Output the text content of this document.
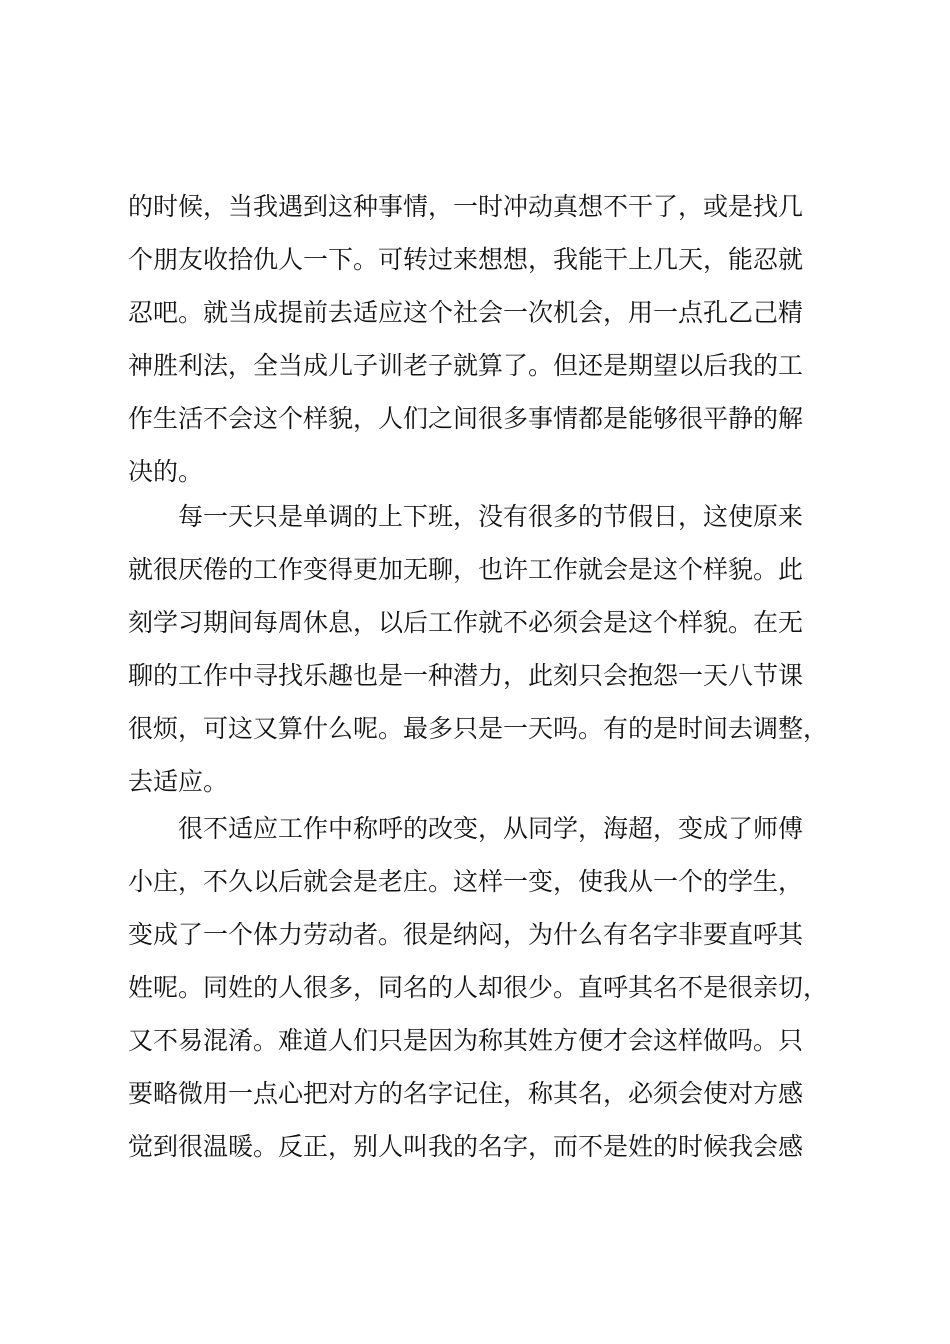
的时候，当我遇到这种事情，一时冲动真想不干了，或是找几
个朋友收拾仇人一下。可转过来想想，我能干上几天，能忍就
忍吧。就当成提前去适应这个社会一次机会，用一点孔乙己精
神胜利法，全当成儿子训老子就算了。但还是期望以后我的工
作生活不会这个样貌，人们之间很多事情都是能够很平静的解
决的。
　　每一天只是单调的上下班，没有很多的节假日，这使原来
就很厌倦的工作变得更加无聊，也许工作就会是这个样貌。此
刻学习期间每周休息，以后工作就不必须会是这个样貌。在无
聊的工作中寻找乐趣也是一种潜力，此刻只会抱怨一天八节课
很烦，可这又算什么呢。最多只是一天吗。有的是时间去调整，
去适应。
　　很不适应工作中称呼的改变，从同学，海超，变成了师傅
小庄，不久以后就会是老庄。这样一变，使我从一个的学生，
变成了一个体力劳动者。很是纳闷，为什么有名字非要直呼其
姓呢。同姓的人很多，同名的人却很少。直呼其名不是很亲切，
又不易混淆。难道人们只是因为称其姓方便才会这样做吗。只
要略微用一点心把对方的名字记住，称其名，必须会使对方感
觉到很温暖。反正，别人叫我的名字，而不是姓的时候我会感
